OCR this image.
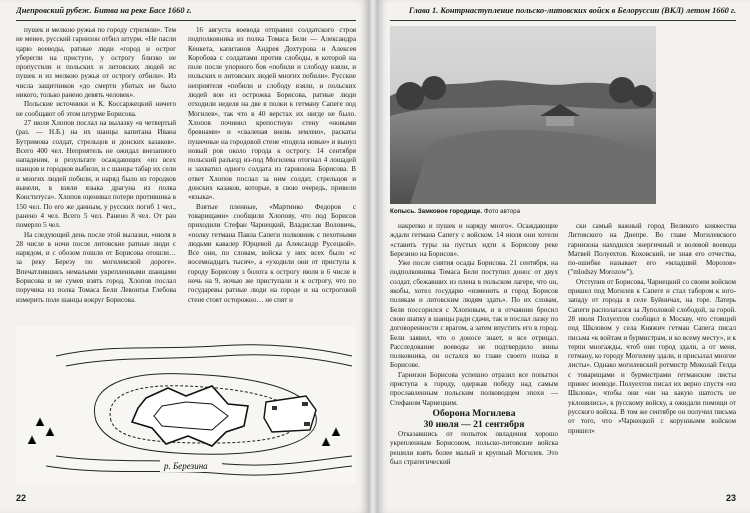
Днепровский рубеж. Битва на реке Басе 1660 г.

пушек и мелкою ружья по городу стреляли». Тем не менее, русский гарнизон отбил штурм. «Не пасли царю воеводы, ратные люди «город и острог уберегли на приступе, у острогу близко не пропустили и польских и литовских людей ис пушек и из мелкою ружья от острогу отбили». Из числа защитников «до смерти убитых не было никого, только ранено девять человек».

Польские источники и К. Коссаржецкий ничего не сообщают об этом штурме Борисова.

27 июля Хлопов послал на вылазку «в четвертый (раз. — Н.Б.) на их шанцы капитана Ивана Бутримова солдат, стрельцов и донских казаков». Всего 400 чел. Неприятель не ожидал внезапного нападения, в результате осаждающих «из всех шанцов и городков выбили, и с шанцы табар их сели и многих людей побили, и наряд было из городков вынели, в взяли языка драгуна из полка Конституса». Хлопов оценивал потери противника в 150 чел. По его же данным, у русских погиб 1 чел., ранено 4 чел. Всего 5 чел. Ранено 8 чел. От ран померло 5 чел.

На следующий день после этой вылазки, «июля в 28 числе в ночи после литовские ратные люди с нарядом, и с обозом пошли от Борисова отошли… за реку Березу по могилевской дороге». Впечатлившись немалыми укрепленными шанцами Борисова и не сумев взять город. Хлопов послал поручика из полка Томаса Бели Левонтья Глебова измерить поле шанцы вокруг Борисова.

16 августа воевода отправил солдатского строя подполковника из полка Томаса Бели — Александра Кенкета, капитанов Андрея Дохтурова и Алексея Коробова с солдатами против слободы, в которой на поле после упорного боя «побили и слободу взяли, и польских и литовских людей многих побили». Русские неприятеля «побили и слободу взяли, и польских людей вон из острожка Борисова, ратные люди отходили неделя на две в полки к гетману Сапеге под Могилев», так что в 40 верстах их нигде не было. Хлопов починил крепостную стену «новыми бревнами» и «сваленая вновь землею», раскаты пушечные на городовой стене «подела новые» и вынул новый ров около города к острогу. 14 сентября польский разъезд из-под Могилева отогнал 4 лошадей и захватил одного солдата из гарнизона Борисова. В ответ Хлопов послал за ним солдат, стрельцов и донских казаков, которые, в свою очередь, привели «языка».

Взятые пленные, «Мартинко Федоров с товарищами» сообщили Хлопову, что под Борисов приходили Стефан Чарнецкий, Владислав Воловичь, «полку гетмана Павла Сапеги полковник с пехотными людьми кавалер Юрцевой да Александр Русецкой». Все они, по словам, войска у них всех было «с восемнадцать тысяч», а «уходили они от приступа к городу Борисову з болота к острогу июля в 6 числе в ночь на 9, ночью же приступали и к острогу, что по государевы ратные люди на городе и на остроговой стене стоят осторожно… не спят и

р. Березина
22
Глава 1. Контрнаступление польско-литовских войск в Белоруссии (ВКЛ) летом 1660 г.
Копысь. Замковое городище. Фото автора

накрепко и пушек и наряду много». Осаждающие ждали гетмана Сапегу с войском. 14 июля они хотели «ставить туры на пустых идти к Борисову реке Березино на Борисов».

Уже после снятия осады Борисова. 21 сентября, на подполковника Томаса Бели поступил донос от двух солдат, сбежавших из плена в польском лагере, что он, якобы, хотел государю «изменить и город Борисов полякам и литовским людям здать». По их словам, Беля поссорился с Хлоповым, и в отчаянии бросил свою шапку в шанцы ради сдачи, так и послал лазку по договоренности с врагом, а затем впустить его в город. Бели заявил, что о доносе знает, и все отрицал. Расследование воеводы не подтвердило вины полковника, он остался во главе своего полка в Борисове.

Гарнизон Борисова успешно отразил все попытки приступа к городу, одержав победу над самым прославленным польским полководцем эпохи — Стефаном Чарнецким.

Оборона Могилева
30 июля — 21 сентября

Отказавшись от попыток овладения хорошо укрепленным Борисовом, польско-литовские войска решили взять более малый и крупный Могилев. Это был стратегический

ски самый важный город Великого княжества Литовского на Днепре. Во главе Могилевского гарнизона находился энергичный и волевой воевода Матвей Полуехтов. Коховский, не зная его отчества, по-ошибке называет его «младший Морозов» ("mlodszy Morozow").

Отступив от Борисова, Чарнецкий со своим войском пришел под Могилев к Сапеге и стал табором к юго-западу от города в селе Буйничах, на горе. Латерь Сапеги располагался за Луполовой слободой, за горой. 28 июля Полуехтов сообщил в Москву, что стоящий под Шкловом у села Княжич гетман Сапега писал письма «к войтам и бурмистрам, и ко всему месту», и к терпи многажды, чтоб они город здали, а от меня, гетману, ко городу Могилеву здали, и присылал многие листы». Однако могилевский ротмистр Миколай Гелда с товарищами и бурмистрами гетманские листы принес воеводе. Полуехтов писал их верно спустя «из Шклова», чтобы они «ни на какую шатость не уклонялись», к русскому войску, а ожидали помощи от русского войска. В том же сентябре он получил письма от того, что «Чарнецкой с коруннымм войском пришел»

23
